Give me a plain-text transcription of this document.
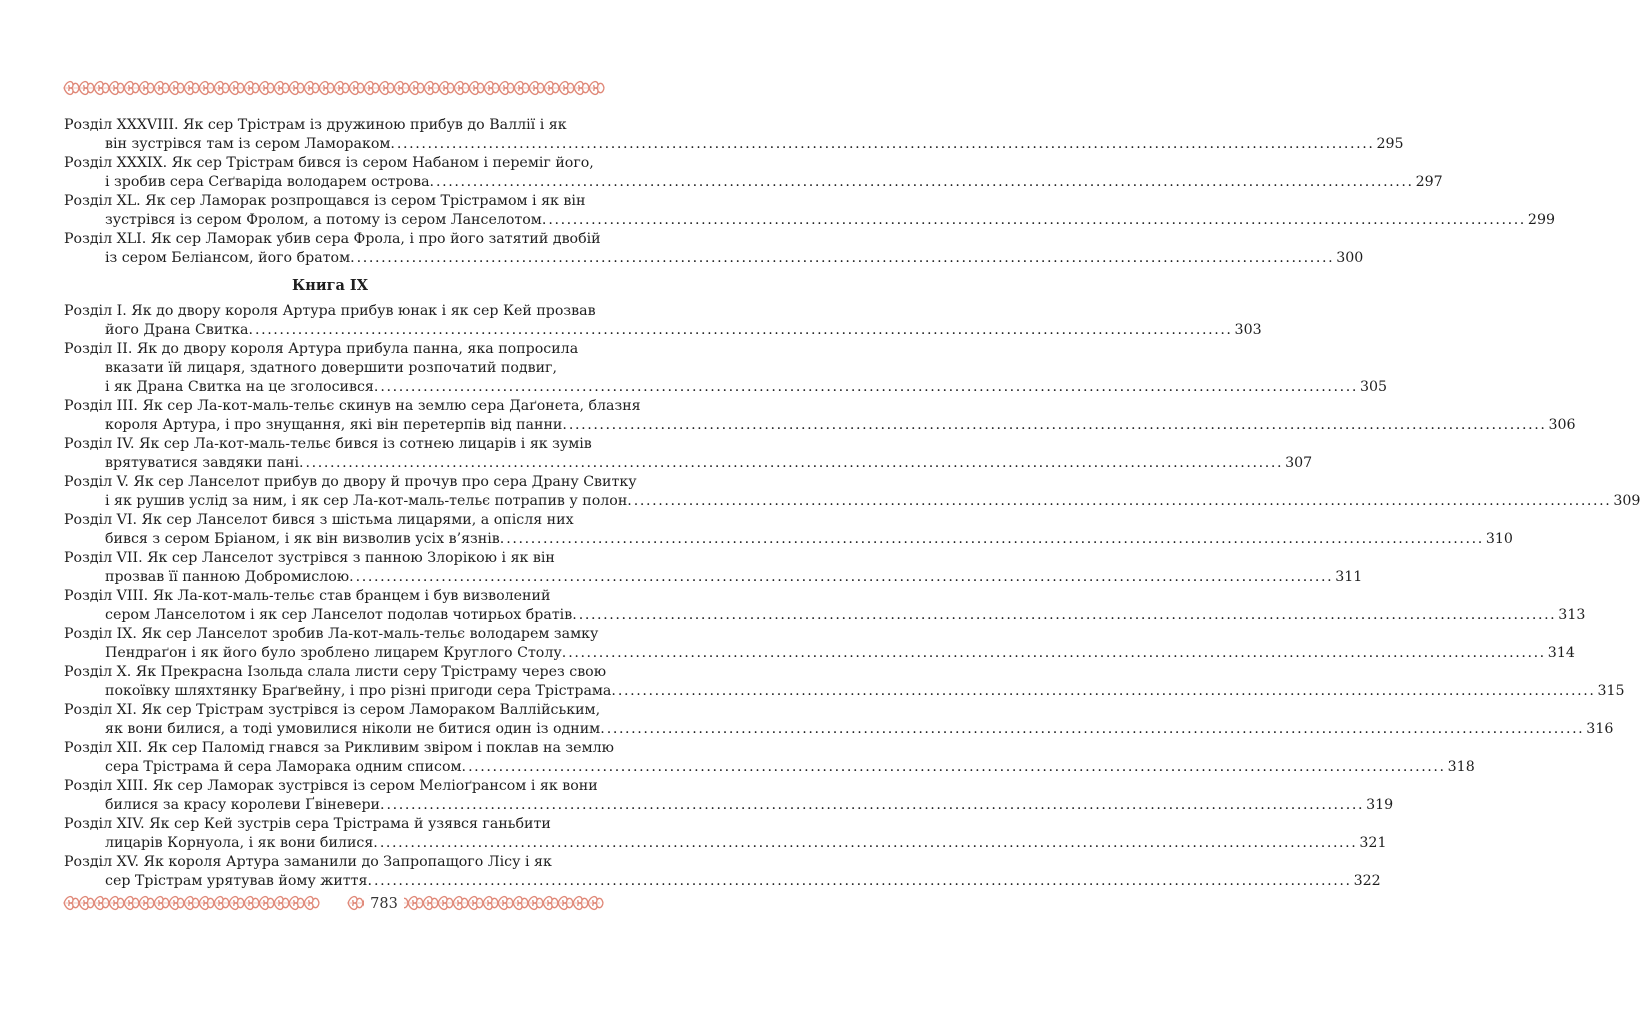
Розділ XXXVIII. Як сер Трістрам із дружиною прибув до Валлії і як
він зустрівся там із сером Ламораком. ................................................................................................................................................................ 295
Розділ XXXIX. Як сер Трістрам бився із сером Набаном і переміг його,
і зробив сера Сеґваріда володарем острова. ................................................................................................................................................................ 297
Розділ XL. Як сер Ламорак розпрощався із сером Трістрамом і як він
зустрівся із сером Фролом, а потому із сером Ланселотом. ................................................................................................................................................................ 299
Розділ XLI. Як сер Ламорак убив сера Фрола, і про його затятий двобій
із сером Беліансом, його братом. ................................................................................................................................................................ 300
Книга IX
Розділ I. Як до двору короля Артура прибув юнак і як сер Кей прозвав
його Драна Свитка. ................................................................................................................................................................ 303
Розділ II. Як до двору короля Артура прибула панна, яка попросила
вказати їй лицаря, здатного довершити розпочатий подвиг,
і як Драна Свитка на це зголосився. ................................................................................................................................................................ 305
Розділ III. Як сер Ла-кот-маль-тельє скинув на землю сера Даґонета, блазня
короля Артура, і про знущання, які він перетерпів від панни. ................................................................................................................................................................ 306
Розділ IV. Як сер Ла-кот-маль-тельє бився із сотнею лицарів і як зумів
врятуватися завдяки пані. ................................................................................................................................................................ 307
Розділ V. Як сер Ланселот прибув до двору й прочув про сера Драну Свитку
і як рушив услід за ним, і як сер Ла-кот-маль-тельє потрапив у полон. ................................................................................................................................................................ 309
Розділ VI. Як сер Ланселот бився з шістьма лицарями, а опісля них
бився з сером Бріаном, і як він визволив усіх в’язнів. ................................................................................................................................................................ 310
Розділ VII. Як сер Ланселот зустрівся з панною Злорікою і як він
прозвав її панною Добромислою. ................................................................................................................................................................ 311
Розділ VIII. Як Ла-кот-маль-тельє став бранцем і був визволений
сером Ланселотом і як сер Ланселот подолав чотирьох братів. ................................................................................................................................................................ 313
Розділ IX. Як сер Ланселот зробив Ла-кот-маль-тельє володарем замку
Пендраґон і як його було зроблено лицарем Круглого Столу. ................................................................................................................................................................ 314
Розділ X. Як Прекрасна Ізольда слала листи серу Трістраму через свою
покоївку шляхтянку Браґвейну, і про різні пригоди сера Трістрама. ................................................................................................................................................................ 315
Розділ XI. Як сер Трістрам зустрівся із сером Ламораком Валлійським,
як вони билися, а тоді умовилися ніколи не битися один із одним. ................................................................................................................................................................ 316
Розділ XII. Як сер Паломід гнався за Рикливим звіром і поклав на землю
сера Трістрама й сера Ламорака одним списом. ................................................................................................................................................................ 318
Розділ XIII. Як сер Ламорак зустрівся із сером Меліоґрансом і як вони
билися за красу королеви Ґвіневери. ................................................................................................................................................................ 319
Розділ XIV. Як сер Кей зустрів сера Трістрама й узявся ганьбити
лицарів Корнуола, і як вони билися. ................................................................................................................................................................ 321
Розділ XV. Як короля Артура заманили до Запропащого Лісу і як
сер Трістрам урятував йому життя. ................................................................................................................................................................ 322
783
